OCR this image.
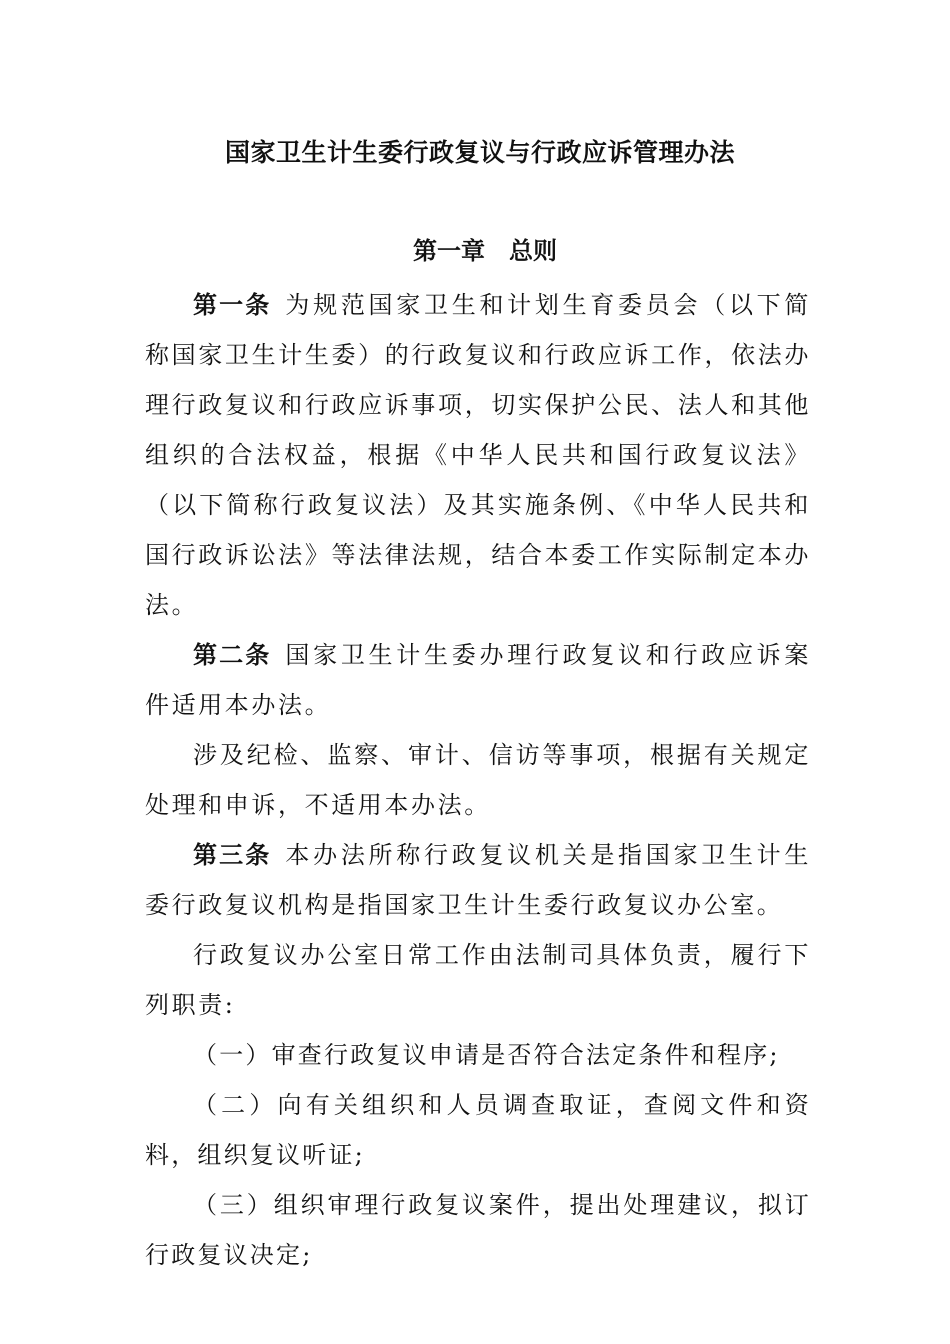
国家卫生计生委行政复议与行政应诉管理办法
第一章　总则

第一条 为规范国家卫生和计划生育委员会（以下简称国家卫生计生委）的行政复议和行政应诉工作，依法办理行政复议和行政应诉事项，切实保护公民、法人和其他组织的合法权益，根据《中华人民共和国行政复议法》（以下简称行政复议法）及其实施条例、《中华人民共和国行政诉讼法》等法律法规，结合本委工作实际制定本办法。

第二条 国家卫生计生委办理行政复议和行政应诉案件适用本办法。

涉及纪检、监察、审计、信访等事项，根据有关规定处理和申诉，不适用本办法。

第三条 本办法所称行政复议机关是指国家卫生计生委行政复议机构是指国家卫生计生委行政复议办公室。

行政复议办公室日常工作由法制司具体负责，履行下列职责:

（一）审查行政复议申请是否符合法定条件和程序;

（二）向有关组织和人员调查取证，查阅文件和资料，组织复议听证;

（三）组织审理行政复议案件，提出处理建议，拟订行政复议决定;
